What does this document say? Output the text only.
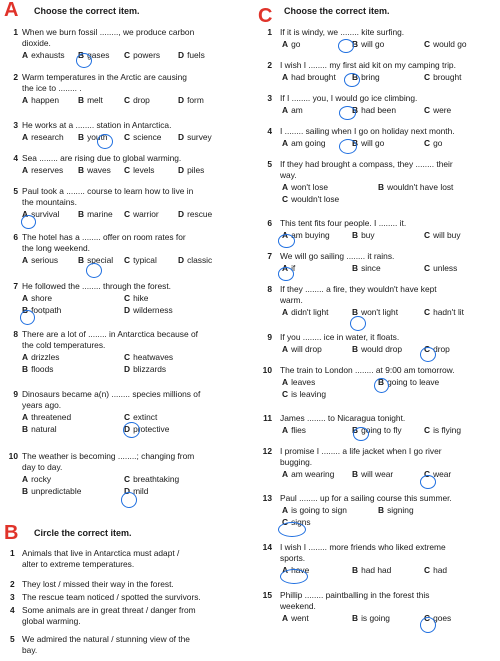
A Choose the correct item.
1 When we burn fossil ........, we produce carbon
dioxide.
A exhausts B gases C powers D fuels
2 Warm temperatures in the Arctic are causing
the ice to ........ .
A happen B melt	C drop	D form
3 He works at a ........ station in Antarctica.
A research B youth C science D survey
4 Sea ........ are rising due to global warming.
A reserves B waves C levels	D piles
5 Paul took a ........ course to learn how to live in
the mountains.
A survival B marine C warrior D rescue
6 The hotel has a ........ offer on room rates for
the long weekend.
A serious B special C typical	D classic
7 He followed the ........ through the forest.
A shore	C hike
B footpath	D wilderness
8 There are a lot of ........ in Antarctica because of
the cold temperatures.
A drizzles	C heatwaves
B floods	D blizzards
9 Dinosaurs became a(n) ........ species millions of
years ago.
A threatened	C extinct
B natural	D protective
10 The weather is becoming ........; changing from
day to day.
A rocky	C breathtaking
B unpredictable	D mild
B Circle the correct item.
1 Animals that live in Antarctica must adapt /
alter to extreme temperatures.
2 They lost / missed their way in the forest.
3 The rescue team noticed / spotted the survivors.
4 Some animals are in great threat / danger from
global warming.
5 We admired the natural / stunning view of the
bay.
C Choose the correct item.
1 If it is windy, we ........ kite surfing.
A go	B will go	C would go
2 I wish I ........ my first aid kit on my camping trip.
A had brought B bring	C brought
3 If I ........ you, I would go ice climbing.
A am	B had been	C were
4 I ........ sailing when I go on holiday next month.
A am going	B will go	C go
5 If they had brought a compass, they ........ their
way.
A won't lose	B wouldn't have lost
C wouldn't lose
6 This tent fits four people. I ........ it.
A am buying	B buy	C will buy
7 We will go sailing ........ it rains.
A if	B since	C unless
8 If they ........ a fire, they wouldn't have kept
warm.
A didn't light	B won't light	C hadn't lit
9 If you ........ ice in water, it floats.
A will drop	B would drop	C drop
10 The train to London ........ at 9:00 am tomorrow.
A leaves	B going to leave
C is leaving
11 James ........ to Nicaragua tonight.
A flies	B going to fly	C is flying
12 I promise I ........ a life jacket when I go river
bugging.
A am wearing B will wear	C wear
13 Paul ........ up for a sailing course this summer.
A is going to sign	B signing
C signs
14 I wish I ........ more friends who liked extreme
sports.
A have	B had had	C had
15 Phillip ........ paintballing in the forest this
weekend.
A went	B is going	C goes
